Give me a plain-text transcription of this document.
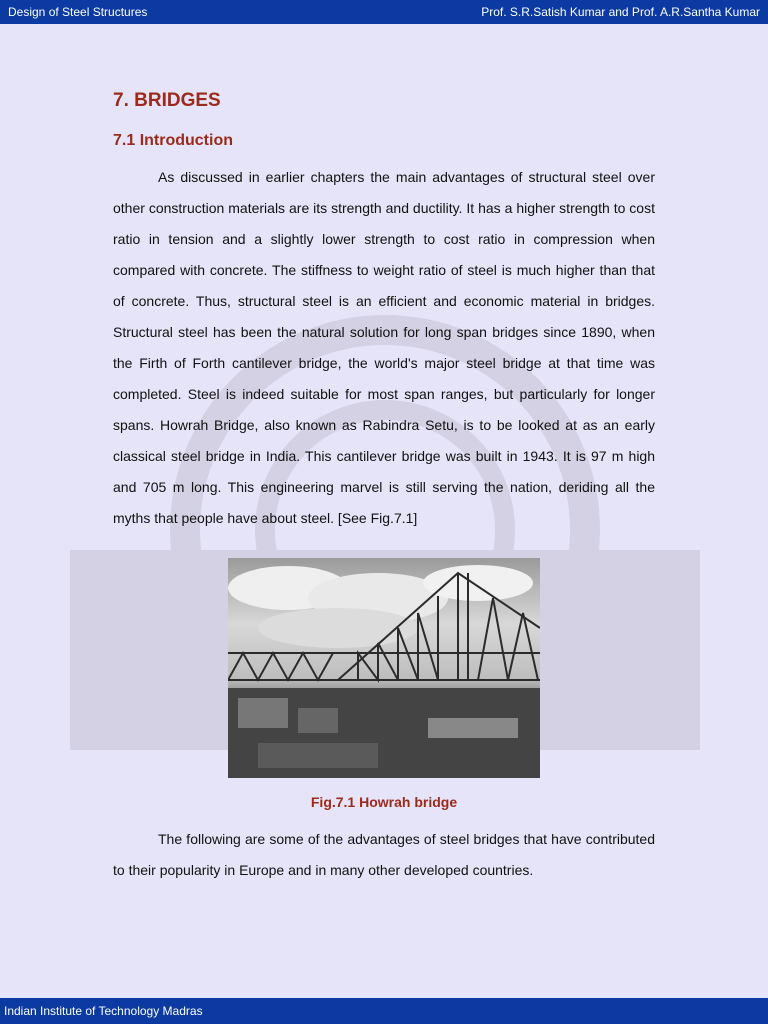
Design of Steel Structures	Prof. S.R.Satish Kumar and Prof. A.R.Santha Kumar
7. BRIDGES
7.1 Introduction

As discussed in earlier chapters the main advantages of structural steel over other construction materials are its strength and ductility. It has a higher strength to cost ratio in tension and a slightly lower strength to cost ratio in compression when compared with concrete. The stiffness to weight ratio of steel is much higher than that of concrete. Thus, structural steel is an efficient and economic material in bridges. Structural steel has been the natural solution for long span bridges since 1890, when the Firth of Forth cantilever bridge, the world's major steel bridge at that time was completed. Steel is indeed suitable for most span ranges, but particularly for longer spans. Howrah Bridge, also known as Rabindra Setu, is to be looked at as an early classical steel bridge in India. This cantilever bridge was built in 1943. It is 97 m high and 705 m long. This engineering marvel is still serving the nation, deriding all the myths that people have about steel. [See Fig.7.1]

Fig.7.1 Howrah bridge

The following are some of the advantages of steel bridges that have contributed to their popularity in Europe and in many other developed countries.

Indian Institute of Technology Madras
